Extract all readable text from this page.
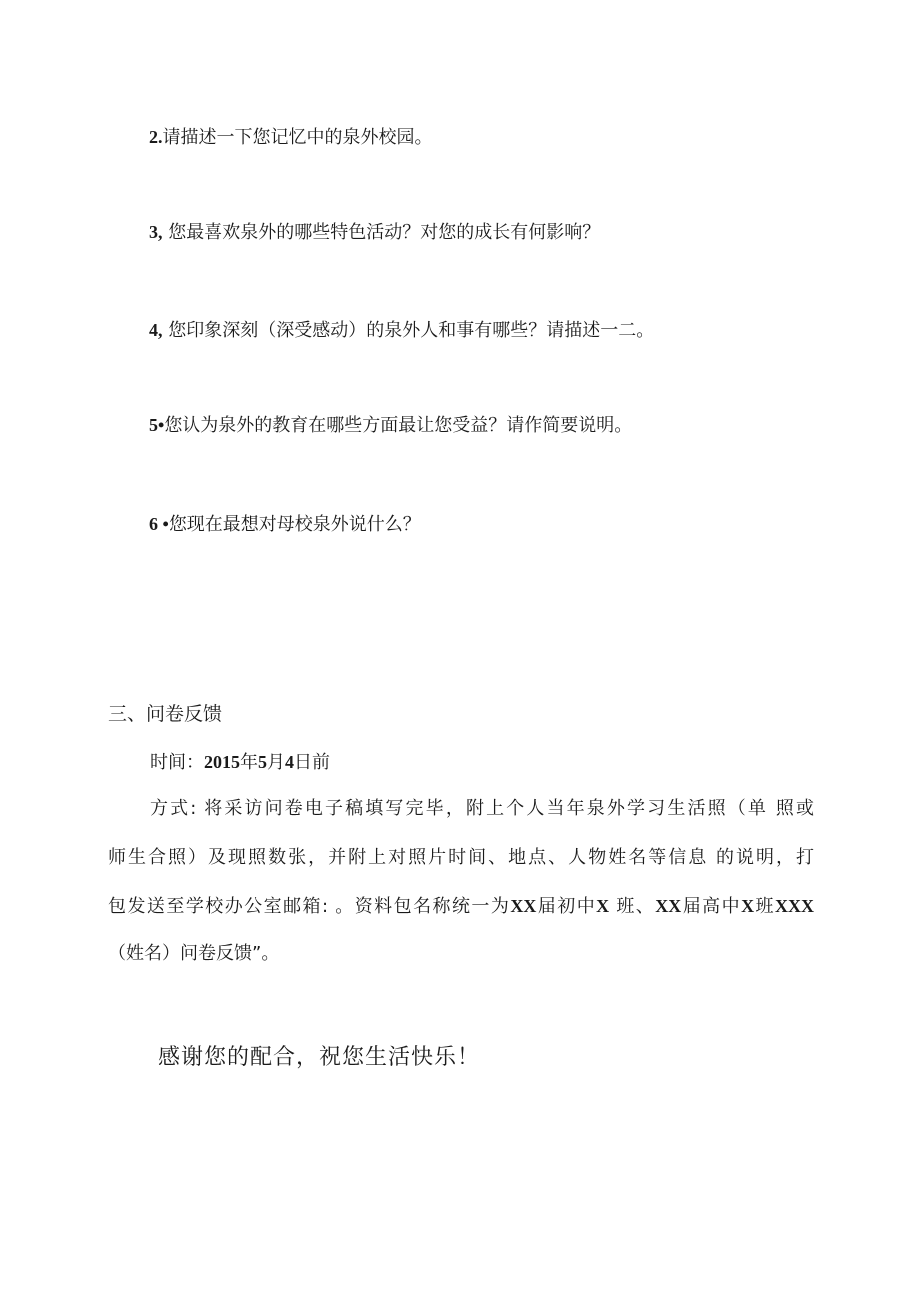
2.请描述一下您记忆中的泉外校园。
3, 您最喜欢泉外的哪些特色活动？对您的成长有何影响？
4, 您印象深刻（深受感动）的泉外人和事有哪些？请描述一二。
5•您认为泉外的教育在哪些方面最让您受益？请作简要说明。
6 •您现在最想对母校泉外说什么？
三、问卷反馈
时间：2015年5月4日前
方式: 将采访问卷电子稿填写完毕，附上个人当年泉外学习生活照（单 照或
师生合照）及现照数张，并附上对照片时间、地点、人物姓名等信息 的说明，打
包发送至学校办公室邮箱: 。资料包名称统一为XX届初中X 班、XX届高中X班XXX
（姓名）问卷反馈”。
感谢您的配合，祝您生活快乐！
